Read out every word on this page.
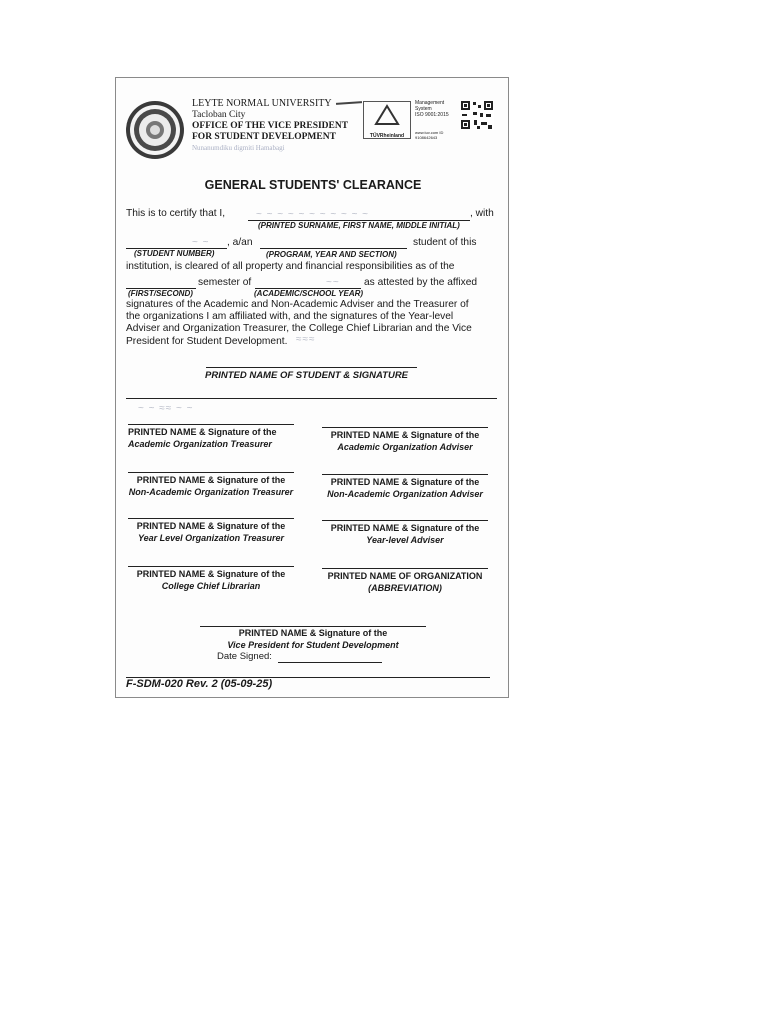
LEYTE NORMAL UNIVERSITY
Tacloban City
OFFICE OF THE VICE PRESIDENT
FOR STUDENT DEVELOPMENT
Nunanumdiku digmiti Hamabagi
TÜVRheinland
Management
System
ISO 9001:2015
www.tuv.com ID 9108642643
GENERAL STUDENTS' CLEARANCE
This is to certify that I,	~ ~ ~ ~ ~ ~ ~ ~ ~ ~ ~	, with
(PRINTED SURNAME, FIRST NAME, MIDDLE INITIAL)
~ ~ , a/an	student of this
(STUDENT NUMBER)	(PROGRAM, YEAR AND SECTION)
institution, is cleared of all property and financial responsibilities as of the
semester of	~~ as attested by the affixed
(FIRST/SECOND)	(ACADEMIC/SCHOOL YEAR)
signatures of the Academic and Non-Academic Adviser and the Treasurer of
the organizations I am affiliated with, and the signatures of the Year-level
Adviser and Organization Treasurer, the College Chief Librarian and the Vice
President for Student Development. ≈≈≈
PRINTED NAME OF STUDENT & SIGNATURE
~ ~ ≈≈ ~ ~
PRINTED NAME & Signature of the
Academic Organization Treasurer
PRINTED NAME & Signature of the
Academic Organization Adviser
PRINTED NAME & Signature of the
Non-Academic Organization Treasurer
PRINTED NAME & Signature of the
Non-Academic Organization Adviser
PRINTED NAME & Signature of the
Year Level Organization Treasurer
PRINTED NAME & Signature of the
Year-level Adviser
PRINTED NAME & Signature of the
College Chief Librarian
PRINTED NAME OF ORGANIZATION
(ABBREVIATION)
PRINTED NAME & Signature of the
Vice President for Student Development
Date Signed:
F-SDM-020 Rev. 2 (05-09-25)
